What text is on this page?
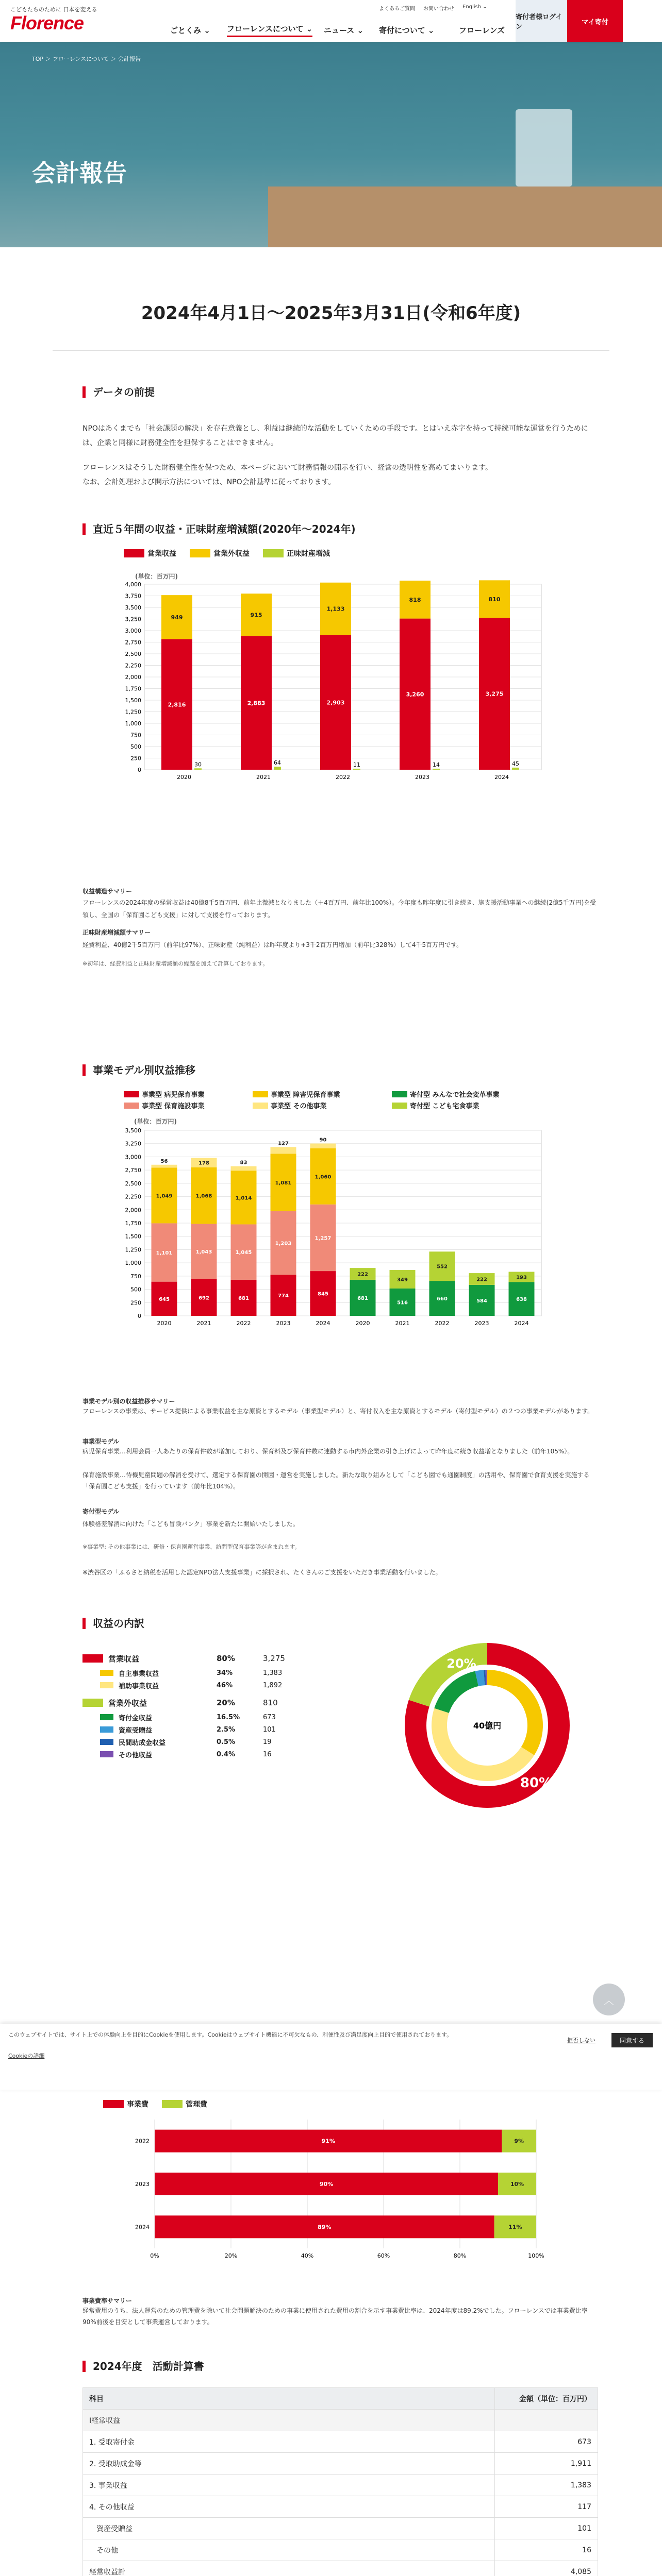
こどもたちのために 日本を変える
Florence
よくあるご質問 お問い合わせ English ⌄
ごとくみ ⌄ フローレンスについて ⌄ ニュース ⌄ 寄付について ⌄	フローレンズ
寄付者様ログイン
マイ寄付
TOP ＞ フローレンスについて ＞ 会計報告
会計報告
2024年4月1日〜2025年3月31日(令和6年度)
データの前提
NPOはあくまでも「社会課題の解決」を存在意義とし、利益は継続的な活動をしていくための手段です。とはいえ赤字を持って持続可能な運営を行うためには、企業と同様に財務健全性を担保することはできません。
フローレンスはそうした財務健全性を保つため、本ページにおいて財務情報の開示を行い、経営の透明性を高めてまいります。
なお、会計処理および開示方法については、NPO会計基準に従っております。
直近５年間の収益・正味財産増減額(2020年〜2024年)
営業収益	営業外収益	正味財産増減
(単位：百万円)
0
250
500
750
1,000
1,250
1,500
1,750
2,000
2,250
2,500
2,750
3,000
3,250
3,500
3,750
4,000
2020
2,816
949
30
2021
2,883
915
64
2022
2,903
1,133
11
2023
3,260
818
14
2024
3,275
810
45
収益構造サマリー
フローレンスの2024年度の経常収益は40億8千5百万円、前年比微減となりました（＋4百万円、前年比100%）。今年度も昨年度に引き続き、施支援活動事業への継続(2億5千万円)を受領し、全国の「保育園こども支援」に対して支援を行っております。
正味財産増減額サマリー
経費利益、40億2千5百万円（前年比97%）、正味財産（純利益）は昨年度より+3千2百万円増加（前年比328%）して4千5百万円です。
※初年は、経費利益と正味財産増減額の繰越を加えて計算しております。
事業モデル別収益推移
事業型 病児保育事業	事業型 障害児保育事業	寄付型 みんなで社会変革事業
事業型 保育施設事業	事業型 その他事業	寄付型 こども宅食事業
(単位：百万円)
0
250
500
750
1,000
1,250
1,500
1,750
2,000
2,250
2,500
2,750
3,000
3,250
3,500
2020
645
1,101
1,049
56
2021
692
1,043
1,068
178
2022
681
1,045
1,014
83
2023
774
1,203
1,081
127
2024
845
1,257
1,060
90
2020
681
222
2021
516
349
2022
660
552
2023
584
222
2024
638
193
事業モデル別の収益推移サマリー
フローレンスの事業は、サービス提供による事業収益を主な原資とするモデル（事業型モデル）と、寄付収入を主な原資とするモデル（寄付型モデル）の２つの事業モデルがあります。
事業型モデル
病児保育事業…利用会員一人あたりの保育件数が増加しており、保育料及び保育件数に連動する市内外企業の引き上げによって昨年度に続き収益増となりました（前年105%）。
保育施設事業…待機児童問題の解消を受けて、選定する保育園の開園・運営を実施しました。新たな取り組みとして「こども園でも通園制度」の活用や、保育園で食育支援を実施する「保育園こども支援」を行っています（前年比104%）。
寄付型モデル
体験格差解消に向けた「こども冒険バンク」事業を新たに開始いたしました。
※事業型: その他事業には、研修・保育園運営事業、訪問型保育事業等が含まれます。
※渋谷区の「ふるさと納税を活用した認定NPO法人支援事業」に採択され、たくさんのご支援をいただき事業活動を行いました。
収益の内訳
営業収益	80%	3,275
自主事業収益	34%	1,383
補助事業収益	46%	1,892
営業外収益	20%	810
寄付金収益	16.5%	673
資産受贈益	2.5%	101
民間助成金収益	0.5%	19
その他収益	0.4%	16
40億円
80%
20%
事業費	管理費
0%	20%	40%	60%	80%	100%
2022	91%	9%
2023	90%	10%
2024	89%	11%
事業費率サマリー
経常費用のうち、法人運営のための管理費を除いて社会問題解決のための事業に使用された費用の割合を示す事業費比率は、2024年度は89.2%でした。フローレンスでは事業費比率90%前後を目安として事業運営しております。
2024年度　活動計算書
科目	金額（単位：百万円）
Ⅰ経常収益	
1. 受取寄付金	673
2. 受取助成金等	1,911
3. 事業収益	1,383
4. その他収益	117
　資産受贈益	101
　その他	16
経常収益計	4,085

︿
このウェブサイトでは、サイト上での体験向上を目的にCookieを使用します。Cookieはウェブサイト機能に不可欠なもの、利便性及び満足度向上目的で使用されております。
Cookieの詳細
拒否しない	同意する
